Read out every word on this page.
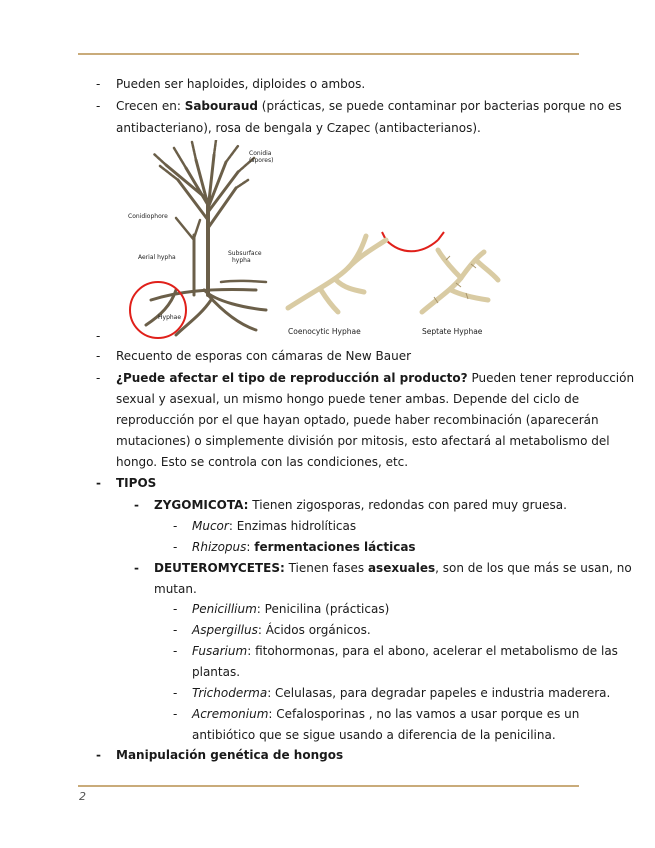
- Pueden ser haploides, diploides o ambos.
- Crecen en: Sabouraud (prácticas, se puede contaminar por bacterias porque no es
antibacteriano), rosa de bengala y Czapec (antibacterianos).
Conidia
(spores)
Conidiophore
Aerial hypha
Subsurface
hypha
Hyphae
Coenocytic Hyphae	Septate Hyphae
-
- Recuento de esporas con cámaras de New Bauer
- ¿Puede afectar el tipo de reproducción al producto? Pueden tener reproducción
sexual y asexual, un mismo hongo puede tener ambas. Depende del ciclo de
reproducción por el que hayan optado, puede haber recombinación (aparecerán
mutaciones) o simplemente división por mitosis, esto afectará al metabolismo del
hongo. Esto se controla con las condiciones, etc.
- TIPOS
- ZYGOMICOTA: Tienen zigosporas, redondas con pared muy gruesa.
- Mucor: Enzimas hidrolíticas
- Rhizopus: fermentaciones lácticas
- DEUTEROMYCETES: Tienen fases asexuales, son de los que más se usan, no
mutan.
- Penicillium: Penicilina (prácticas)
- Aspergillus: Ácidos orgánicos.
- Fusarium: fitohormonas, para el abono, acelerar el metabolismo de las
plantas.
- Trichoderma: Celulasas, para degradar papeles e industria maderera.
- Acremonium: Cefalosporinas , no las vamos a usar porque es un
antibiótico que se sigue usando a diferencia de la penicilina.
- Manipulación genética de hongos
2
